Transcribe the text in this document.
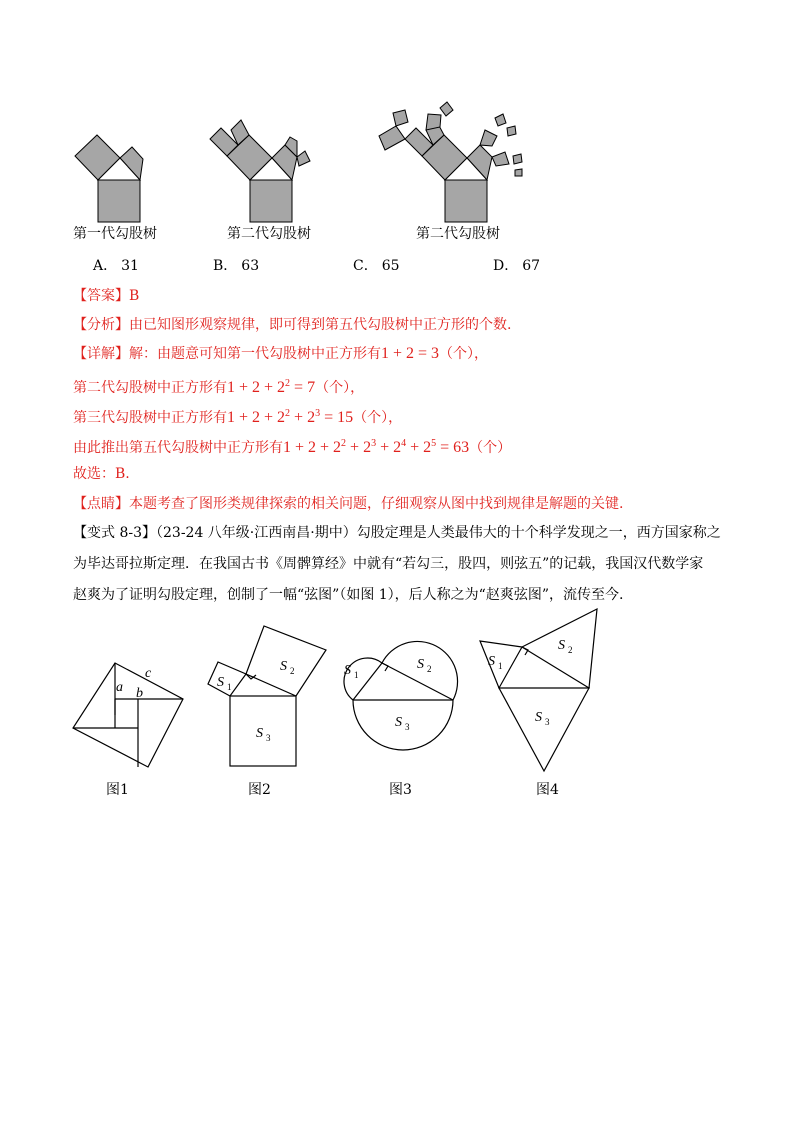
第一代勾股树	第二代勾股树	第二代勾股树
A． 31	B． 63	C． 65	D． 67
【答案】B
【分析】由已知图形观察规律，即可得到第五代勾股树中正方形的个数.
【详解】解：由题意可知第一代勾股树中正方形有1 + 2 = 3（个），
第二代勾股树中正方形有$1 + 2 + 2^2 = 7$（个），
第三代勾股树中正方形有$1 + 2 + 2^2 + 2^3 = 15$（个），
由此推出第五代勾股树中正方形有$1 + 2 + 2^2 + 2^3 + 2^4 + 2^5 = 63$（个）
故选：B.
【点睛】本题考查了图形类规律探索的相关问题，仔细观察从图中找到规律是解题的关键.
【变式 8-3】（23-24 八年级·江西南昌·期中）勾股定理是人类最伟大的十个科学发现之一，西方国家称之
为毕达哥拉斯定理．在我国古书《周髀算经》中就有“若勾三，股四，则弦五”的记载，我国汉代数学家
赵爽为了证明勾股定理，创制了一幅“弦图”（如图 1），后人称之为“赵爽弦图”，流传至今.
a b
c
S 1
S 2
S 3
S 1
S 2
S 3
S 1
S 2
S 3
图1	图2	图3	图4
